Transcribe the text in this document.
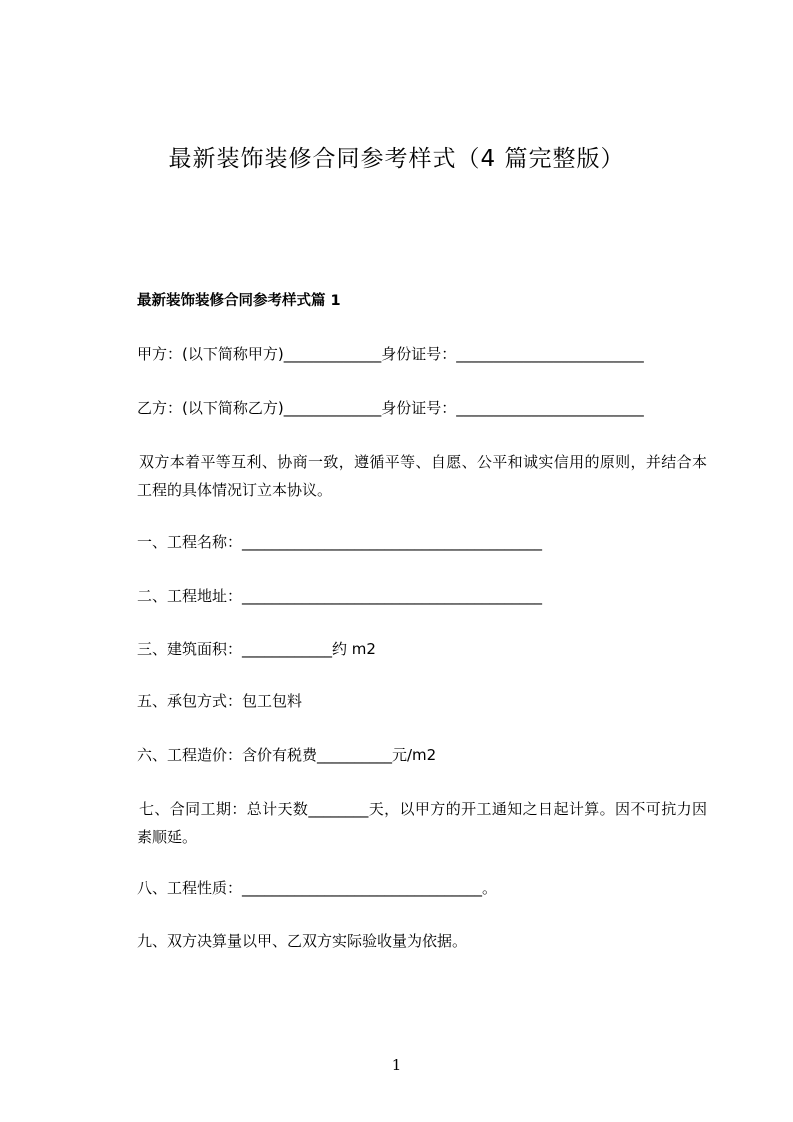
最新装饰装修合同参考样式（4 篇完整版）
最新装饰装修合同参考样式篇 1
甲方：(以下简称甲方)_____________身份证号：_________________________
乙方：(以下简称乙方)_____________身份证号：_________________________
双方本着平等互利、协商一致，遵循平等、自愿、公平和诚实信用的原则，并结合本工程的具体情况订立本协议。
一、工程名称：________________________________________
二、工程地址：________________________________________
三、建筑面积：____________约 m2
五、承包方式：包工包料
六、工程造价：含价有税费__________元/m2
七、合同工期：总计天数________天，以甲方的开工通知之日起计算。因不可抗力因素顺延。
八、工程性质：________________________________。
九、双方决算量以甲、乙双方实际验收量为依据。
1
